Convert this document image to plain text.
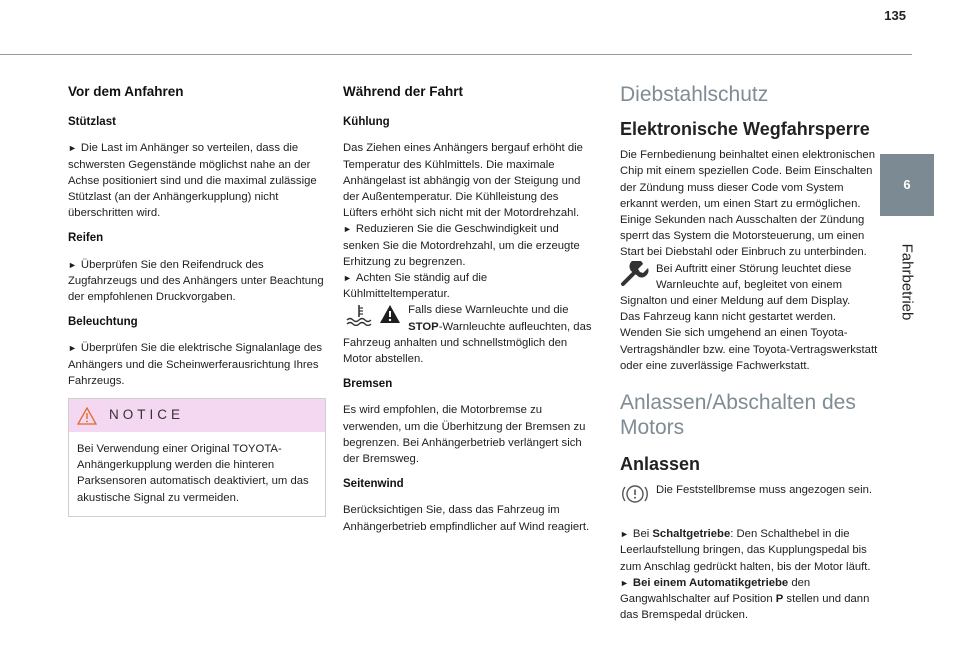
135
6
Fahrbetrieb
Vor dem Anfahren
Stützlast

► Die Last im Anhänger so verteilen, dass die schwersten Gegenstände möglichst nahe an der Achse positioniert sind und die maximal zulässige Stützlast (an der Anhängerkupplung) nicht überschritten wird.

Reifen

► Überprüfen Sie den Reifendruck des Zugfahrzeugs und des Anhängers unter Beachtung der empfohlenen Druckvorgaben.

Beleuchtung

► Überprüfen Sie die elektrische Signalanlage des Anhängers und die Scheinwerferausrichtung Ihres Fahrzeugs.

NOTICE
Bei Verwendung einer Original TOYOTA-Anhängerkupplung werden die hinteren Parksensoren automatisch deaktiviert, um das akustische Signal zu vermeiden.
Während der Fahrt
Kühlung

Das Ziehen eines Anhängers bergauf erhöht die Temperatur des Kühlmittels. Die maximale Anhängelast ist abhängig von der Steigung und der Außentemperatur. Die Kühlleistung des Lüfters erhöht sich nicht mit der Motordrehzahl.

► Reduzieren Sie die Geschwindigkeit und senken Sie die Motordrehzahl, um die erzeugte Erhitzung zu begrenzen.

► Achten Sie ständig auf die Kühlmitteltemperatur.

Falls diese Warnleuchte und die STOP-Warnleuchte aufleuchten, das Fahrzeug anhalten und schnellstmöglich den Motor abstellen.

Bremsen

Es wird empfohlen, die Motorbremse zu verwenden, um die Überhitzung der Bremsen zu begrenzen. Bei Anhängerbetrieb verlängert sich der Bremsweg.

Seitenwind

Berücksichtigen Sie, dass das Fahrzeug im Anhängerbetrieb empfindlicher auf Wind reagiert.

Diebstahlschutz
Elektronische Wegfahrsperre

Die Fernbedienung beinhaltet einen elektronischen Chip mit einem speziellen Code. Beim Einschalten der Zündung muss dieser Code vom System erkannt werden, um einen Start zu ermöglichen.

Einige Sekunden nach Ausschalten der Zündung sperrt das System die Motorsteuerung, um einen Start bei Diebstahl oder Einbruch zu unterbinden.

Bei Auftritt einer Störung leuchtet diese Warnleuchte auf, begleitet von einem Signalton und einer Meldung auf dem Display.

Das Fahrzeug kann nicht gestartet werden. Wenden Sie sich umgehend an einen Toyota-Vertragshändler bzw. eine Toyota-Vertragswerkstatt oder eine zuverlässige Fachwerkstatt.

Anlassen/Abschalten des Motors
Anlassen

Die Feststellbremse muss angezogen sein.

► Bei Schaltgetriebe: Den Schalthebel in die Leerlaufstellung bringen, das Kupplungspedal bis zum Anschlag gedrückt halten, bis der Motor läuft.

► Bei einem Automatikgetriebe den Gangwahlschalter auf Position P stellen und dann das Bremspedal drücken.
